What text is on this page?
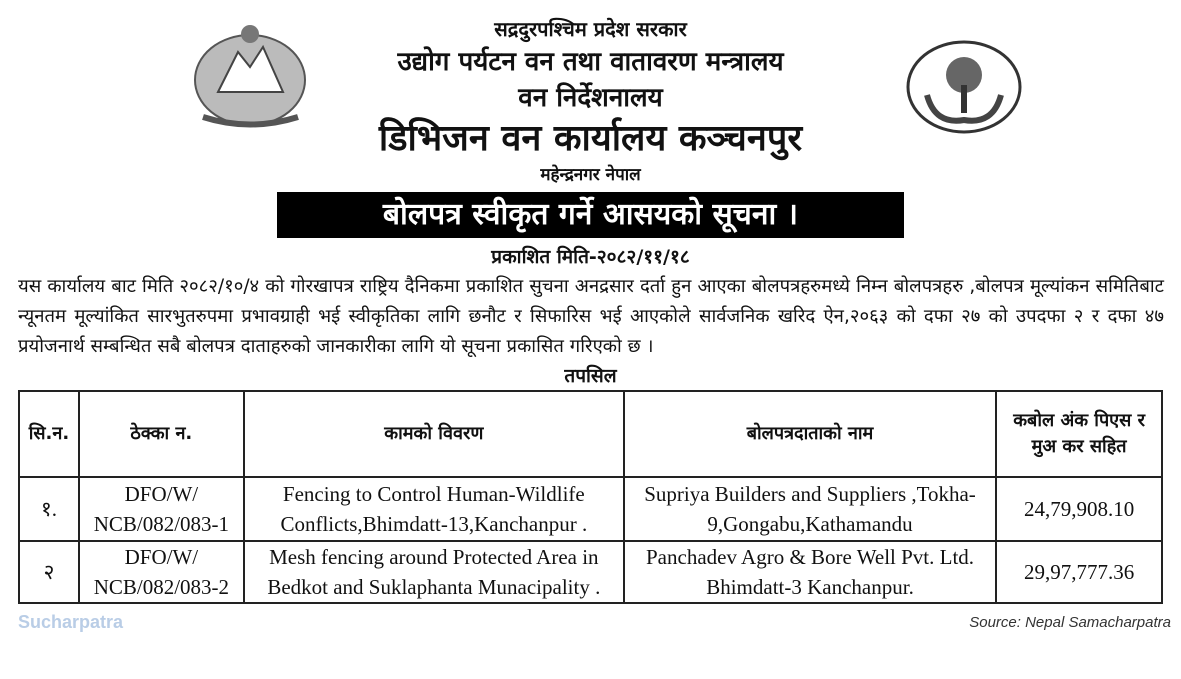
सद्रदुरपश्चिम प्रदेश सरकार
उद्योग पर्यटन वन तथा वातावरण मन्त्रालय
वन निर्देशनालय
डिभिजन वन कार्यालय कञ्चनपुर
महेन्द्रनगर नेपाल
बोलपत्र स्वीकृत गर्ने आसयको सूचना ।
प्रकाशित मिति-२०८२/११/१८
यस कार्यालय बाट मिति २०८२/१०/४ को गोरखापत्र राष्ट्रिय दैनिकमा प्रकाशित सुचना अनद्रसार दर्ता हुन आएका बोलपत्रहरुमध्ये निम्न बोलपत्रहरु ,बोलपत्र मूल्यांकन समितिबाट न्यूनतम मूल्यांकित सारभुतरुपमा प्रभावग्राही भई स्वीकृतिका लागि छनौट र सिफारिस भई आएकोले सार्वजनिक खरिद ऐन,२०६३ को दफा २७ को उपदफा २ र दफा ४७ प्रयोजनार्थ सम्बन्धित सबै बोलपत्र दाताहरुको जानकारीका लागि यो सूचना प्रकासित गरिएको छ ।
तपसिल
सि.न.	ठेक्का न.	कामको विवरण	बोलपत्रदाताको नाम	कबोल अंक पिएस र मुअ कर सहित
१.	DFO/W/ NCB/082/083-1	Fencing to Control Human-Wildlife Conflicts,Bhimdatt-13,Kanchanpur .	Supriya Builders and Suppliers ,Tokha-9,Gongabu,Kathamandu	24,79,908.10
२	DFO/W/ NCB/082/083-2	Mesh fencing around Protected Area in Bedkot and Suklaphanta Munacipality .	Panchadev Agro & Bore Well Pvt. Ltd. Bhimdatt-3 Kanchanpur.	29,97,777.36
Sucharpatra	Source: Nepal Samacharpatra
